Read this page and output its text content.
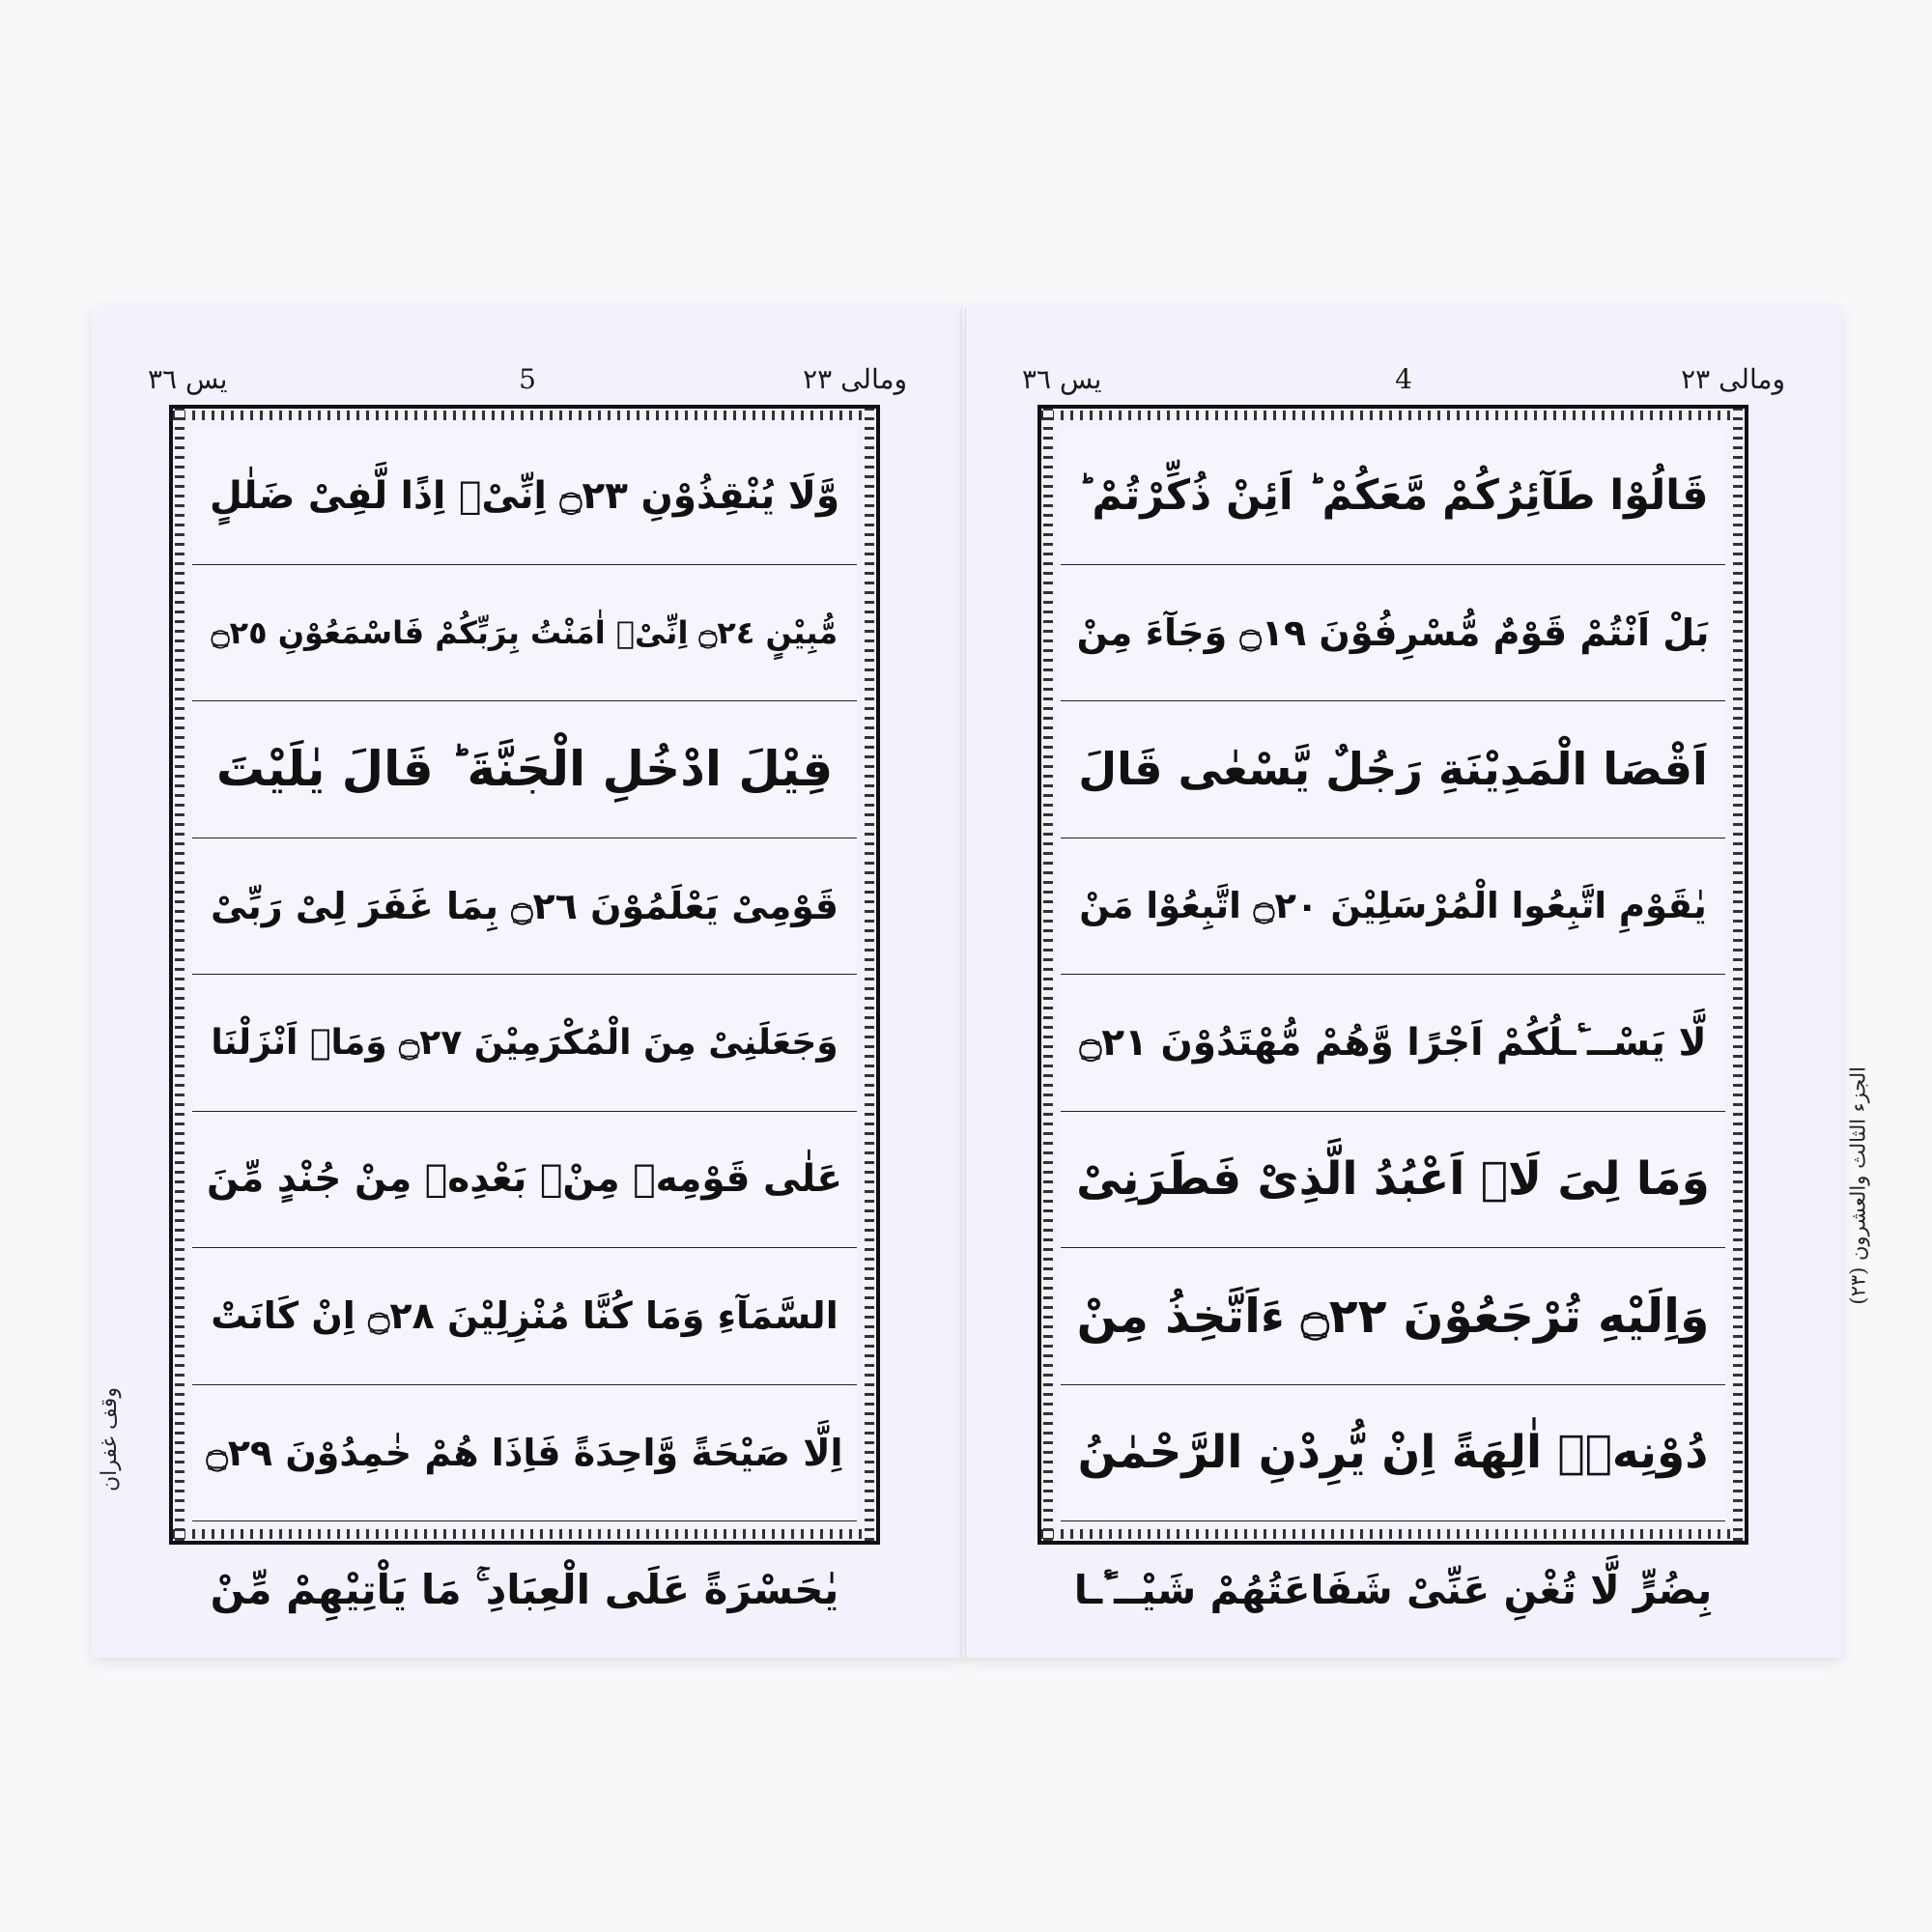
ومالى ٢٣
5
يس ٣٦
وَّلَا يُنْقِذُوْنِ ۝٢٣ اِنِّیْۤ اِذًا لَّفِیْ ضَلٰلٍ
مُّبِیْنٍ ۝٢٤ اِنِّیْۤ اٰمَنْتُ بِرَبِّكُمْ فَاسْمَعُوْنِ ۝٢٥
قِیْلَ ادْخُلِ الْجَنَّةَ ؕ قَالَ یٰلَیْتَ
قَوْمِیْ یَعْلَمُوْنَ ۝٢٦ بِمَا غَفَرَ لِیْ رَبِّیْ
وَجَعَلَنِیْ مِنَ الْمُكْرَمِیْنَ ۝٢٧ وَمَاۤ اَنْزَلْنَا
عَلٰى قَوْمِهٖ مِنْۢ بَعْدِهٖ مِنْ جُنْدٍ مِّنَ
السَّمَآءِ وَمَا كُنَّا مُنْزِلِیْنَ ۝٢٨ اِنْ كَانَتْ
اِلَّا صَیْحَةً وَّاحِدَةً فَاِذَا هُمْ خٰمِدُوْنَ ۝٢٩
یٰحَسْرَةً عَلَى الْعِبَادِ ۚ مَا یَاْتِیْهِمْ مِّنْ
وقف غفران
ومالى ٢٣
4
يس ٣٦
قَالُوْا طَآئِرُكُمْ مَّعَكُمْ ؕ اَئِنْ ذُكِّرْتُمْ ؕ
بَلْ اَنْتُمْ قَوْمٌ مُّسْرِفُوْنَ ۝١٩ وَجَآءَ مِنْ
اَقْصَا الْمَدِیْنَةِ رَجُلٌ یَّسْعٰى قَالَ
یٰقَوْمِ اتَّبِعُوا الْمُرْسَلِیْنَ ۝٢٠ اتَّبِعُوْا مَنْ
لَّا یَسْــٴَـلُكُمْ اَجْرًا وَّهُمْ مُّهْتَدُوْنَ ۝٢١
وَمَا لِیَ لَاۤ اَعْبُدُ الَّذِیْ فَطَرَنِیْ
وَاِلَیْهِ تُرْجَعُوْنَ ۝٢٢ ءَاَتَّخِذُ مِنْ
دُوْنِهٖۤ اٰلِهَةً اِنْ یُّرِدْنِ الرَّحْمٰنُ
بِضُرٍّ لَّا تُغْنِ عَنِّیْ شَفَاعَتُهُمْ شَیْــٴًـا
الجزء الثالث والعشرون (٢٣)
